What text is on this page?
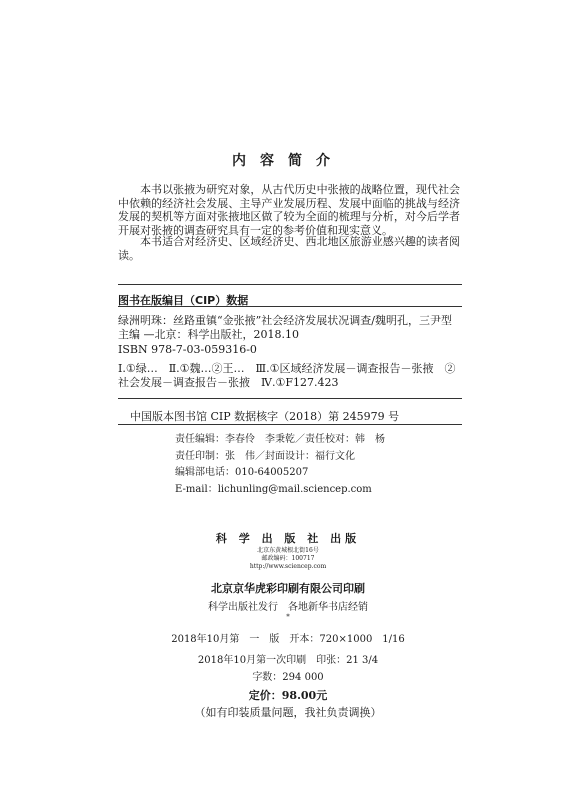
内容简介

本书以张掖为研究对象，从古代历史中张掖的战略位置，现代社会中依赖的经济社会发展、主导产业发展历程、发展中面临的挑战与经济发展的契机等方面对张掖地区做了较为全面的梳理与分析，对今后学者开展对张掖的调查研究具有一定的参考价值和现实意义。

本书适合对经济史、区域经济史、西北地区旅游业感兴趣的读者阅读。

图书在版编目（CIP）数据

绿洲明珠：丝路重镇“金张掖”社会经济发展状况调查/魏明孔，三尹型主编 —北京：科学出版社，2018.10

ISBN 978-7-03-059316-0

Ⅰ.①绿…　Ⅱ.①魏…②王…　Ⅲ.①区域经济发展－调查报告－张掖　②社会发展－调查报告－张掖　Ⅳ.①F127.423

中国版本图书馆 CIP 数据核字（2018）第 245979 号
责任编辑：李春伶　李秉乾／责任校对：韩　杨
责任印制：张　伟／封面设计：福行文化
编辑部电话：010-64005207
E-mail：lichunling@mail.sciencep.com
科 学 出 版 社 出版
北京东黄城根北街16号
邮政编码：100717
http://www.sciencep.com
北京京华虎彩印刷有限公司印刷
科学出版社发行　各地新华书店经销
*
2018年10月第　一　版　开本：720×1000　1/16
2018年10月第一次印刷　印张：21 3/4
字数：294 000
定价：98.00元
（如有印装质量问题，我社负责调换）
